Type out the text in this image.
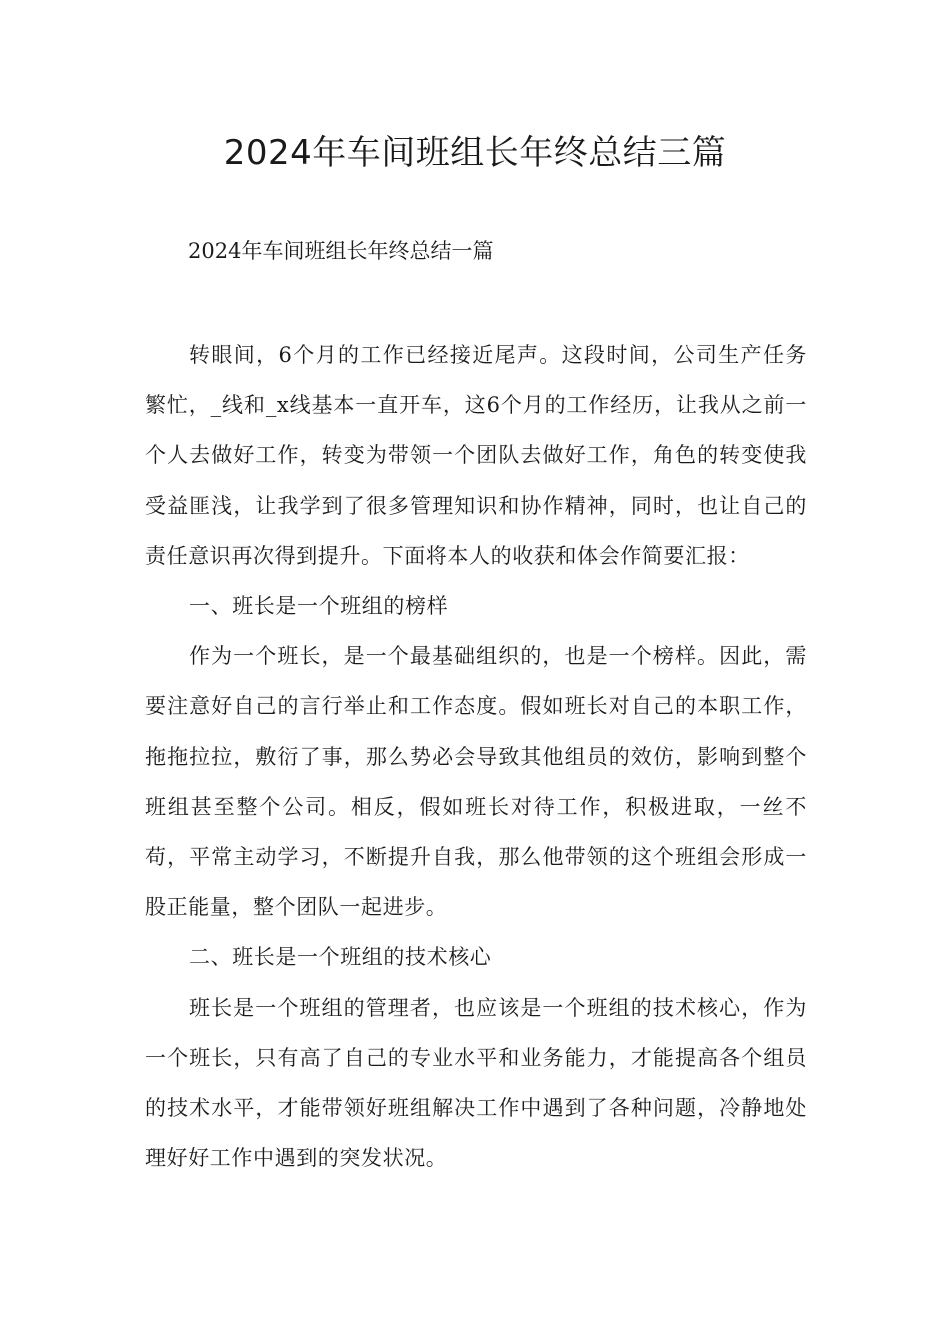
2024年车间班组长年终总结三篇

2024年车间班组长年终总结一篇

转眼间，6个月的工作已经接近尾声。这段时间，公司生产任务繁忙，_线和_x线基本一直开车，这6个月的工作经历，让我从之前一个人去做好工作，转变为带领一个团队去做好工作，角色的转变使我受益匪浅，让我学到了很多管理知识和协作精神，同时，也让自己的责任意识再次得到提升。下面将本人的收获和体会作简要汇报：

一、班长是一个班组的榜样

作为一个班长，是一个最基础组织的，也是一个榜样。因此，需要注意好自己的言行举止和工作态度。假如班长对自己的本职工作，拖拖拉拉，敷衍了事，那么势必会导致其他组员的效仿，影响到整个班组甚至整个公司。相反，假如班长对待工作，积极进取，一丝不苟，平常主动学习，不断提升自我，那么他带领的这个班组会形成一股正能量，整个团队一起进步。

二、班长是一个班组的技术核心

班长是一个班组的管理者，也应该是一个班组的技术核心，作为一个班长，只有高了自己的专业水平和业务能力，才能提高各个组员的技术水平，才能带领好班组解决工作中遇到了各种问题，冷静地处理好好工作中遇到的突发状况。
